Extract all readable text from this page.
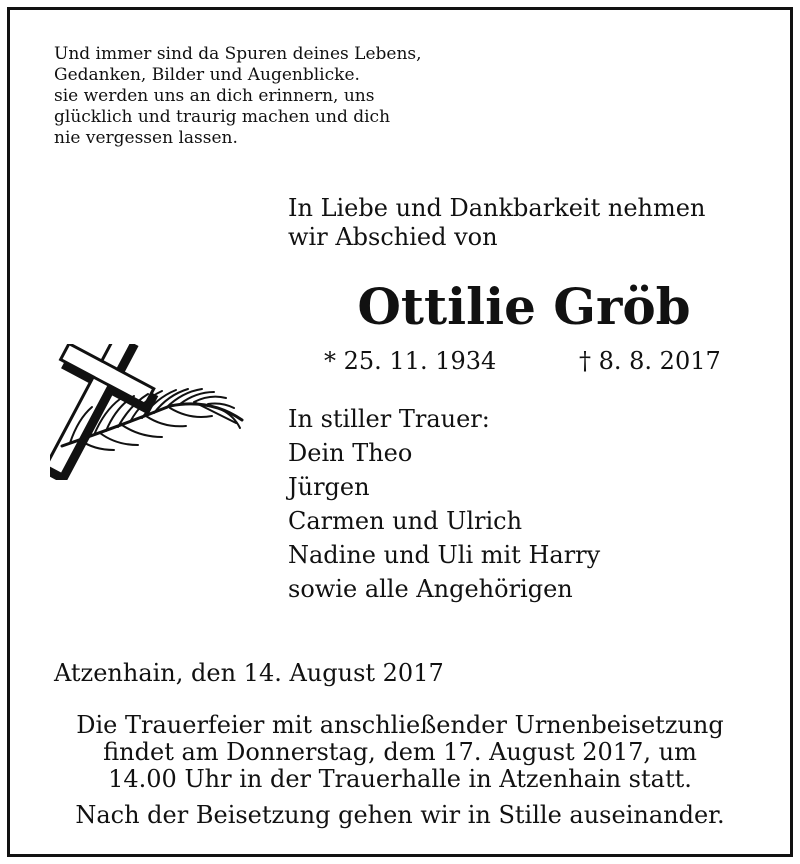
Und immer sind da Spuren deines Lebens,
Gedanken, Bilder und Augenblicke.
sie werden uns an dich erinnern, uns
glücklich und traurig machen und dich
nie vergessen lassen.
In Liebe und Dankbarkeit nehmen
wir Abschied von
Ottilie Gröb
* 25. 11. 1934	† 8. 8. 2017
In stiller Trauer:
Dein Theo
Jürgen
Carmen und Ulrich
Nadine und Uli mit Harry
sowie alle Angehörigen
Atzenhain, den 14. August 2017
Die Trauerfeier mit anschließender Urnenbeisetzung
findet am Donnerstag, dem 17. August 2017, um
14.00 Uhr in der Trauerhalle in Atzenhain statt.
Nach der Beisetzung gehen wir in Stille auseinander.
